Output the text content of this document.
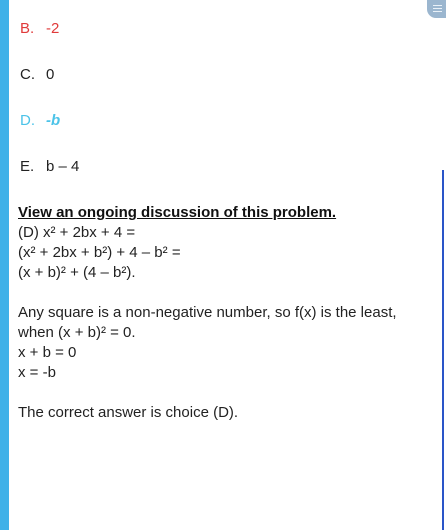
B. -2
C. 0
D. -b
E. b – 4
View an ongoing discussion of this problem.
(D) x² + 2bx + 4 =
(x² + 2bx + b²) + 4 – b² =
(x + b)² + (4 – b²).
Any square is a non-negative number, so f(x) is the least,
when (x + b)² = 0.
x + b = 0
x = -b
The correct answer is choice (D).
